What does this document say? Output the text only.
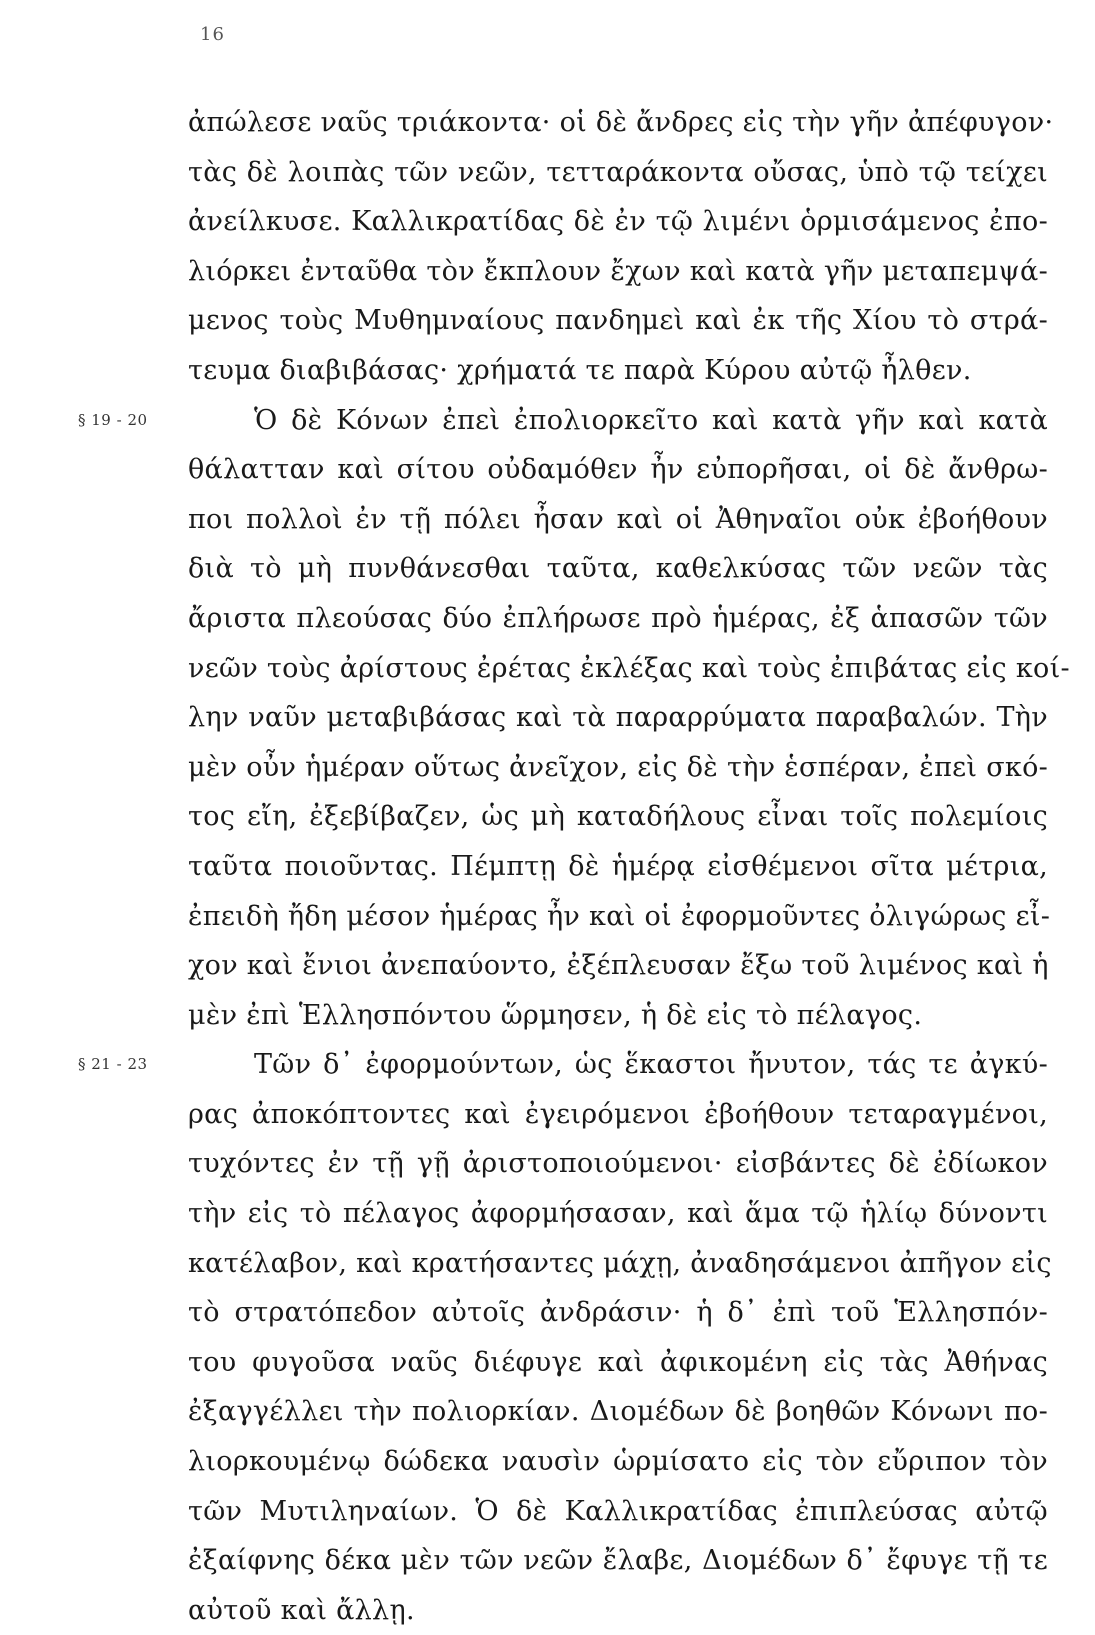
16
ἀπώλεσε ναῦς τριάκοντα· οἱ δὲ ἄνδρες εἰς τὴν γῆν ἀπέφυγον·
τὰς δὲ λοιπὰς τῶν νεῶν, τετταράκοντα οὔσας, ὑπὸ τῷ τείχει
ἀνείλκυσε. Καλλικρατίδας δὲ ἐν τῷ λιμένι ὁρμισάμενος ἐπο-
λιόρκει ἐνταῦθα τὸν ἔκπλουν ἔχων καὶ κατὰ γῆν μεταπεμψά-
μενος τοὺς Μυθημναίους πανδημεὶ καὶ ἐκ τῆς Χίου τὸ στρά-
τευμα διαβιβάσας· χρήματά τε παρὰ Κύρου αὐτῷ ἦλθεν.
§ 19 - 20	Ὁ δὲ Κόνων ἐπεὶ ἐπολιορκεῖτο καὶ κατὰ γῆν καὶ κατὰ
θάλατταν καὶ σίτου οὐδαμόθεν ἦν εὐπορῆσαι, οἱ δὲ ἄνθρω-
ποι πολλοὶ ἐν τῇ πόλει ἦσαν καὶ οἱ Ἀθηναῖοι οὐκ ἐβοήθουν
διὰ τὸ μὴ πυνθάνεσθαι ταῦτα, καθελκύσας τῶν νεῶν τὰς
ἄριστα πλεούσας δύο ἐπλήρωσε πρὸ ἡμέρας, ἐξ ἁπασῶν τῶν
νεῶν τοὺς ἀρίστους ἐρέτας ἐκλέξας καὶ τοὺς ἐπιβάτας εἰς κοί-
λην ναῦν μεταβιβάσας καὶ τὰ παραρρύματα παραβαλών. Τὴν
μὲν οὖν ἡμέραν οὕτως ἀνεῖχον, εἰς δὲ τὴν ἑσπέραν, ἐπεὶ σκό-
τος εἴη, ἐξεβίβαζεν, ὡς μὴ καταδήλους εἶναι τοῖς πολεμίοις
ταῦτα ποιοῦντας. Πέμπτῃ δὲ ἡμέρᾳ εἰσθέμενοι σῖτα μέτρια,
ἐπειδὴ ἤδη μέσον ἡμέρας ἦν καὶ οἱ ἐφορμοῦντες ὀλιγώρως εἶ-
χον καὶ ἔνιοι ἀνεπαύοντο, ἐξέπλευσαν ἔξω τοῦ λιμένος καὶ ἡ
μὲν ἐπὶ Ἑλλησπόντου ὥρμησεν, ἡ δὲ εἰς τὸ πέλαγος.
§ 21 - 23	Τῶν δ᾽ ἐφορμούντων, ὡς ἕκαστοι ἤνυτον, τάς τε ἀγκύ-
ρας ἀποκόπτοντες καὶ ἐγειρόμενοι ἐβοήθουν τεταραγμένοι,
τυχόντες ἐν τῇ γῇ ἀριστοποιούμενοι· εἰσβάντες δὲ ἐδίωκον
τὴν εἰς τὸ πέλαγος ἀφορμήσασαν, καὶ ἅμα τῷ ἡλίῳ δύνοντι
κατέλαβον, καὶ κρατήσαντες μάχῃ, ἀναδησάμενοι ἀπῆγον εἰς
τὸ στρατόπεδον αὐτοῖς ἀνδράσιν· ἡ δ᾽ ἐπὶ τοῦ Ἑλλησπόν-
του φυγοῦσα ναῦς διέφυγε καὶ ἀφικομένη εἰς τὰς Ἀθήνας
ἐξαγγέλλει τὴν πολιορκίαν. Διομέδων δὲ βοηθῶν Κόνωνι πο-
λιορκουμένῳ δώδεκα ναυσὶν ὡρμίσατο εἰς τὸν εὔριπον τὸν
τῶν Μυτιληναίων. Ὁ δὲ Καλλικρατίδας ἐπιπλεύσας αὐτῷ
ἐξαίφνης δέκα μὲν τῶν νεῶν ἔλαβε, Διομέδων δ᾽ ἔφυγε τῇ τε
αὐτοῦ καὶ ἄλλῃ.
